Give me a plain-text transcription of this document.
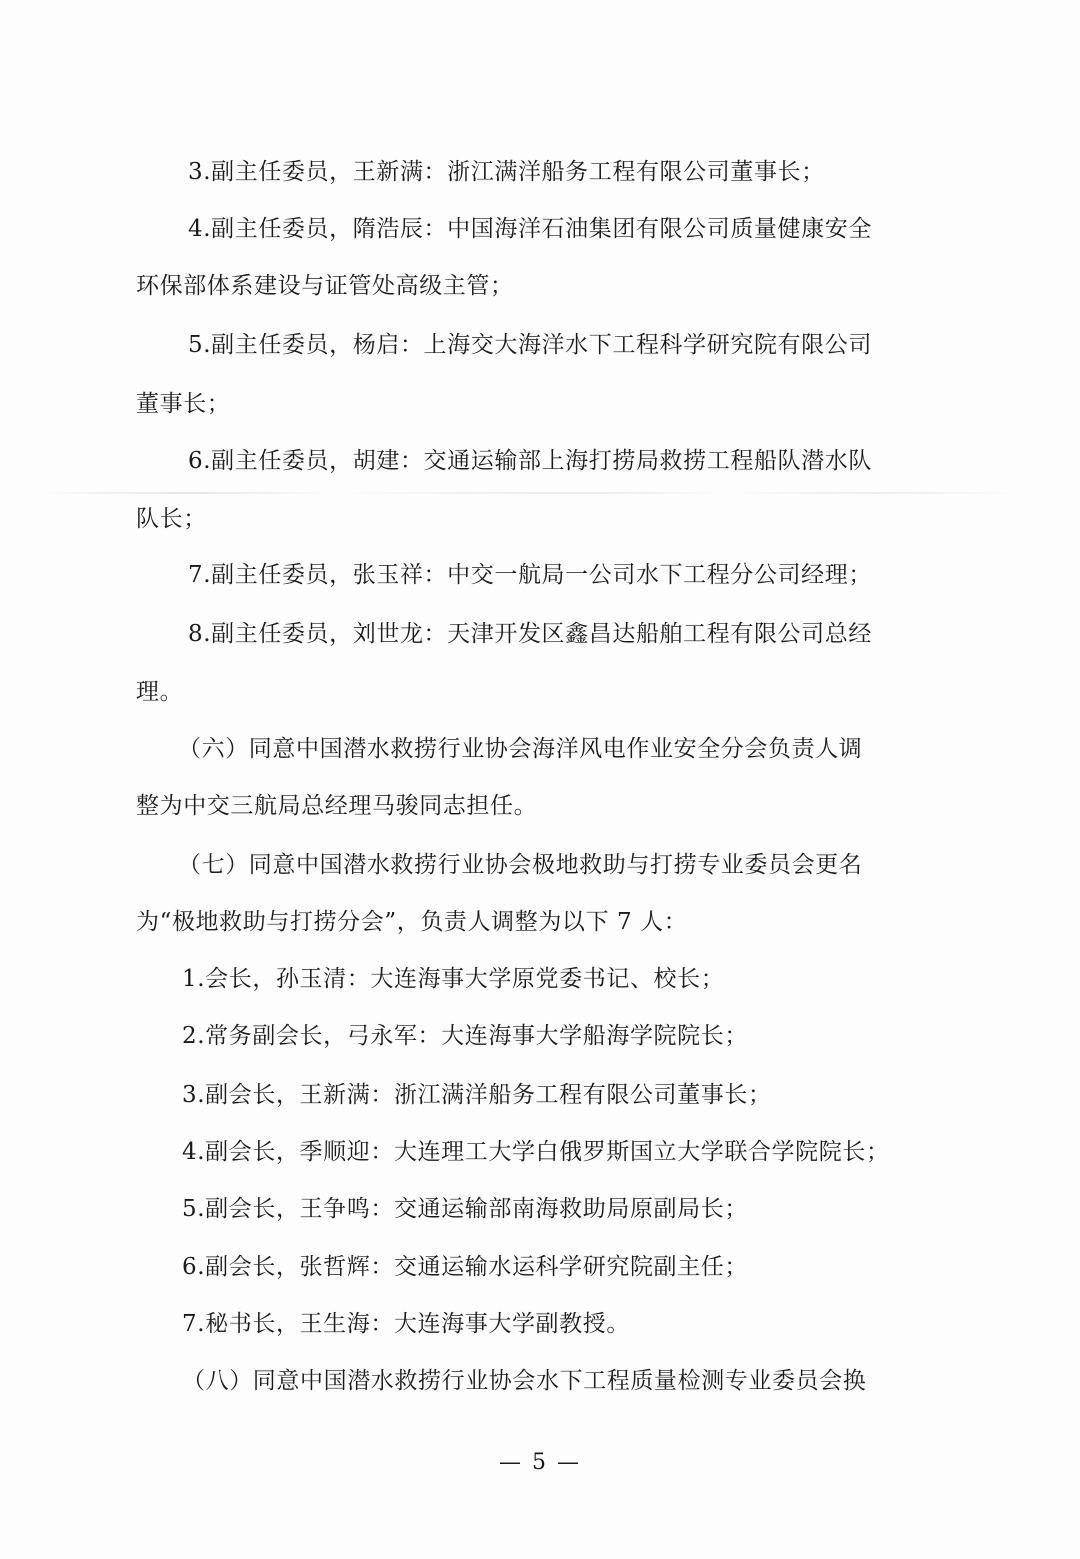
3.副主任委员，王新满：浙江满洋船务工程有限公司董事长；
4.副主任委员，隋浩辰：中国海洋石油集团有限公司质量健康安全
环保部体系建设与证管处高级主管；
5.副主任委员，杨启：上海交大海洋水下工程科学研究院有限公司
董事长；
6.副主任委员，胡建：交通运输部上海打捞局救捞工程船队潜水队
队长；
7.副主任委员，张玉祥：中交一航局一公司水下工程分公司经理；
8.副主任委员，刘世龙：天津开发区鑫昌达船舶工程有限公司总经
理。
（六）同意中国潜水救捞行业协会海洋风电作业安全分会负责人调
整为中交三航局总经理马骏同志担任。
（七）同意中国潜水救捞行业协会极地救助与打捞专业委员会更名
为“极地救助与打捞分会”，负责人调整为以下 7 人：
1.会长，孙玉清：大连海事大学原党委书记、校长；
2.常务副会长，弓永军：大连海事大学船海学院院长；
3.副会长，王新满：浙江满洋船务工程有限公司董事长；
4.副会长，季顺迎：大连理工大学白俄罗斯国立大学联合学院院长；
5.副会长，王争鸣：交通运输部南海救助局原副局长；
6.副会长，张哲辉：交通运输水运科学研究院副主任；
7.秘书长，王生海：大连海事大学副教授。
（八）同意中国潜水救捞行业协会水下工程质量检测专业委员会换
— 5 —
